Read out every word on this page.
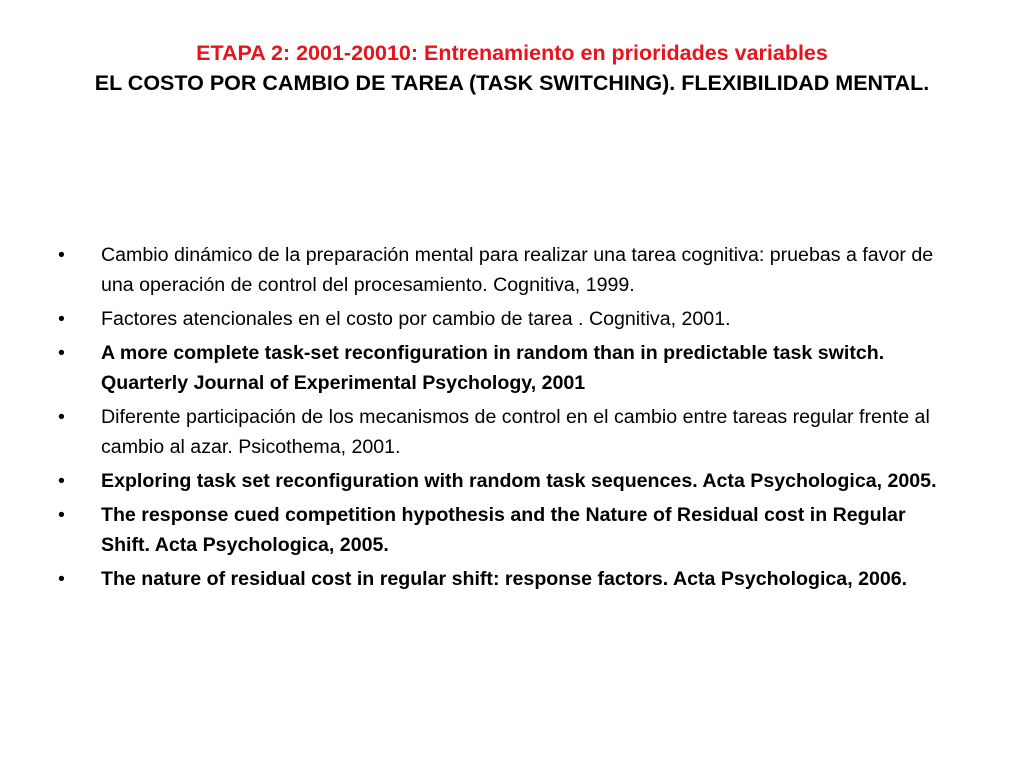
ETAPA 2: 2001-20010: Entrenamiento en prioridades variables
EL COSTO POR CAMBIO DE TAREA (TASK SWITCHING). FLEXIBILIDAD MENTAL.
•	Cambio dinámico de la preparación mental para realizar una tarea cognitiva: pruebas a favor de una operación de control del procesamiento. Cognitiva, 1999.
•	Factores atencionales en el costo por cambio de tarea . Cognitiva, 2001.
•	A more complete task-set reconfiguration in random than in predictable task switch. Quarterly Journal of Experimental Psychology, 2001
•	Diferente participación de los mecanismos de control en el cambio entre tareas regular frente al cambio al azar. Psicothema, 2001.
•	Exploring task set reconfiguration with random task sequences. Acta Psychologica, 2005.
•	The response cued competition hypothesis and the Nature of Residual cost in Regular Shift. Acta Psychologica, 2005.
•	The nature of residual cost in regular shift: response factors. Acta Psychologica, 2006.
